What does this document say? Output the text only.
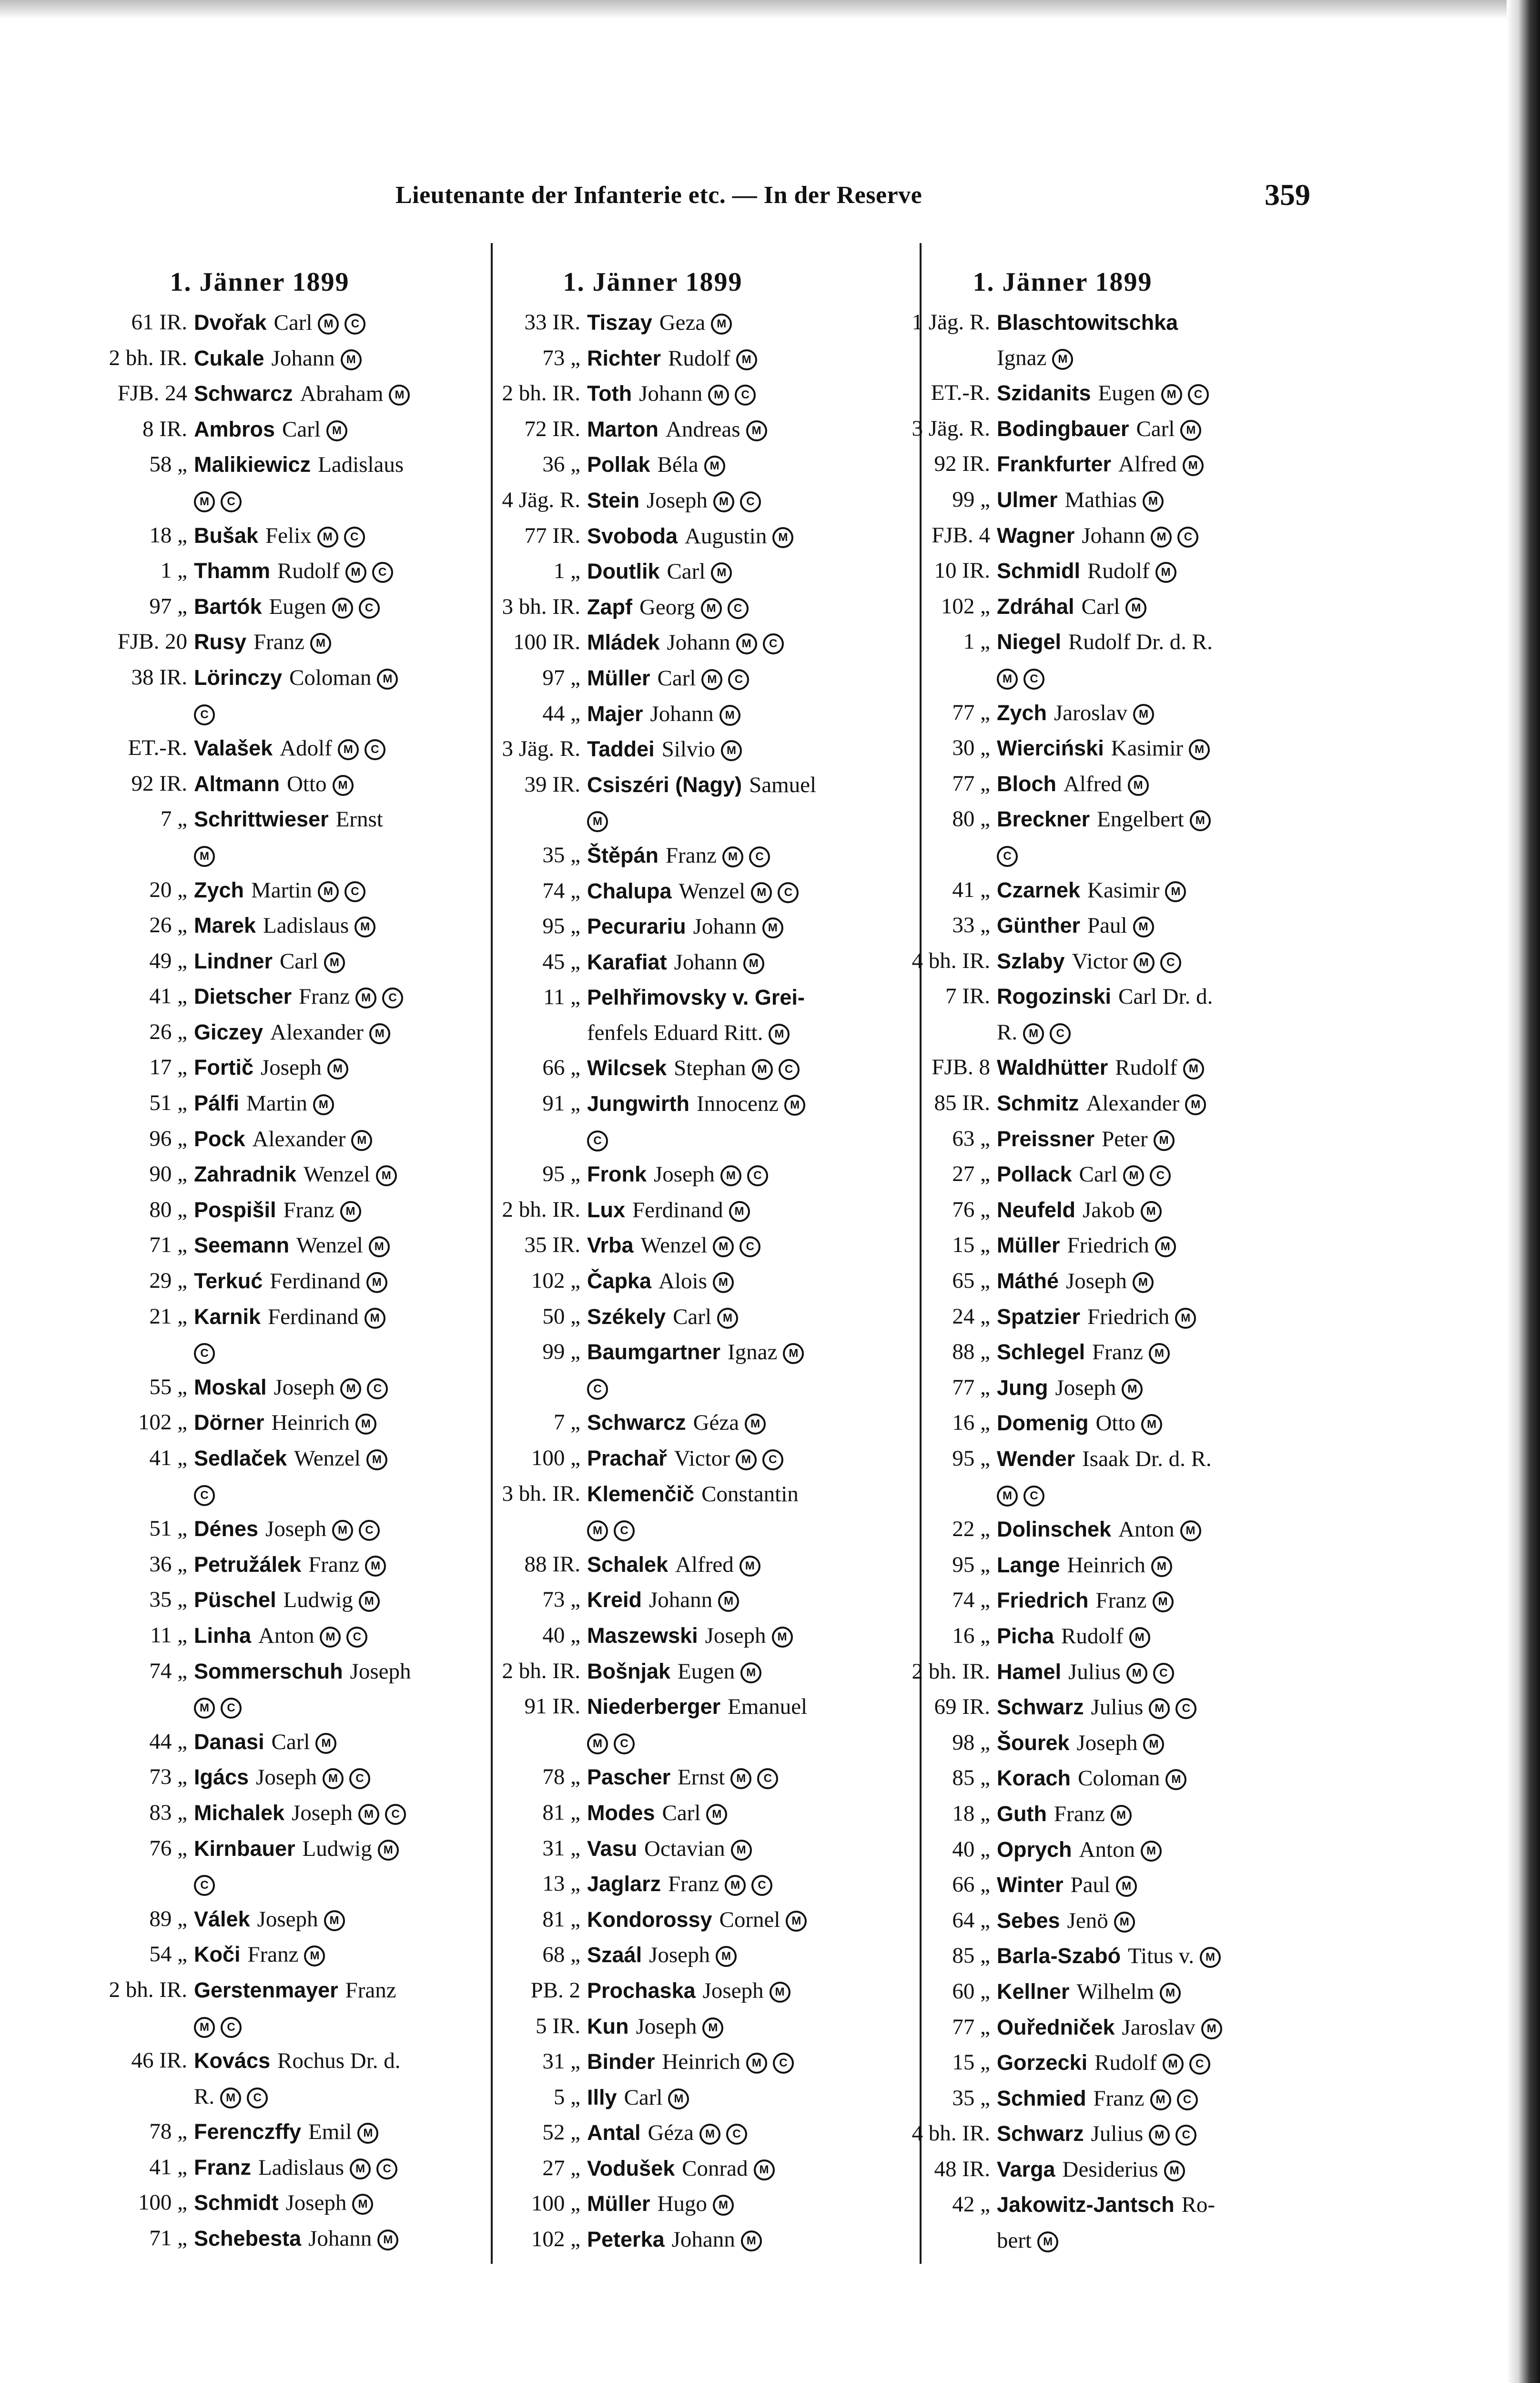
Lieutenante der Infanterie etc. — In der Reserve	359
1. Jänner 1899
61 IR. Dvořak Carl M C
2 bh. IR. Cukale Johann M
FJB. 24 Schwarcz Abraham M
8 IR. Ambros Carl M
58 „ Malikiewicz Ladislaus
M C
18 „ Bušak Felix M C
1 „ Thamm Rudolf M C
97 „ Bartók Eugen M C
FJB. 20 Rusy Franz M
38 IR. Lörinczy Coloman M
C
ET.-R. Valašek Adolf M C
92 IR. Altmann Otto M
7 „ Schrittwieser Ernst
M
20 „ Zych Martin M C
26 „ Marek Ladislaus M
49 „ Lindner Carl M
41 „ Dietscher Franz M C
26 „ Giczey Alexander M
17 „ Fortič Joseph M
51 „ Pálfi Martin M
96 „ Pock Alexander M
90 „ Zahradnik Wenzel M
80 „ Pospišil Franz M
71 „ Seemann Wenzel M
29 „ Terkuć Ferdinand M
21 „ Karnik Ferdinand M
C
55 „ Moskal Joseph M C
102 „ Dörner Heinrich M
41 „ Sedlaček Wenzel M
C
51 „ Dénes Joseph M C
36 „ Petružálek Franz M
35 „ Püschel Ludwig M
11 „ Linha Anton M C
74 „ Sommerschuh Joseph
M C
44 „ Danasi Carl M
73 „ Igács Joseph M C
83 „ Michalek Joseph M C
76 „ Kirnbauer Ludwig M
C
89 „ Válek Joseph M
54 „ Koči Franz M
2 bh. IR. Gerstenmayer Franz
M C
46 IR. Kovács Rochus Dr. d.
R. M C
78 „ Ferenczffy Emil M
41 „ Franz Ladislaus M C
100 „ Schmidt Joseph M
71 „ Schebesta Johann M
1. Jänner 1899
33 IR. Tiszay Geza M
73 „ Richter Rudolf M
2 bh. IR. Toth Johann M C
72 IR. Marton Andreas M
36 „ Pollak Béla M
4 Jäg. R. Stein Joseph M C
77 IR. Svoboda Augustin M
1 „ Doutlik Carl M
3 bh. IR. Zapf Georg M C
100 IR. Mládek Johann M C
97 „ Müller Carl M C
44 „ Majer Johann M
3 Jäg. R. Taddei Silvio M
39 IR. Csiszéri (Nagy) Samuel
M
35 „ Štěpán Franz M C
74 „ Chalupa Wenzel M C
95 „ Pecurariu Johann M
45 „ Karafiat Johann M
11 „ Pelhřimovsky v. Grei-
fenfels Eduard Ritt. M
66 „ Wilcsek Stephan M C
91 „ Jungwirth Innocenz M
C
95 „ Fronk Joseph M C
2 bh. IR. Lux Ferdinand M
35 IR. Vrba Wenzel M C
102 „ Čapka Alois M
50 „ Székely Carl M
99 „ Baumgartner Ignaz M
C
7 „ Schwarcz Géza M
100 „ Prachař Victor M C
3 bh. IR. Klemenčič Constantin
M C
88 IR. Schalek Alfred M
73 „ Kreid Johann M
40 „ Maszewski Joseph M
2 bh. IR. Bošnjak Eugen M
91 IR. Niederberger Emanuel
M C
78 „ Pascher Ernst M C
81 „ Modes Carl M
31 „ Vasu Octavian M
13 „ Jaglarz Franz M C
81 „ Kondorossy Cornel M
68 „ Szaál Joseph M
PB. 2 Prochaska Joseph M
5 IR. Kun Joseph M
31 „ Binder Heinrich M C
5 „ Illy Carl M
52 „ Antal Géza M C
27 „ Vodušek Conrad M
100 „ Müller Hugo M
102 „ Peterka Johann M
1. Jänner 1899
1 Jäg. R. Blaschtowitschka
Ignaz M
ET.-R. Szidanits Eugen M C
3 Jäg. R. Bodingbauer Carl M
92 IR. Frankfurter Alfred M
99 „ Ulmer Mathias M
FJB. 4 Wagner Johann M C
10 IR. Schmidl Rudolf M
102 „ Zdráhal Carl M
1 „ Niegel Rudolf Dr. d. R.
M C
77 „ Zych Jaroslav M
30 „ Wierciński Kasimir M
77 „ Bloch Alfred M
80 „ Breckner Engelbert M
C
41 „ Czarnek Kasimir M
33 „ Günther Paul M
4 bh. IR. Szlaby Victor M C
7 IR. Rogozinski Carl Dr. d.
R. M C
FJB. 8 Waldhütter Rudolf M
85 IR. Schmitz Alexander M
63 „ Preissner Peter M
27 „ Pollack Carl M C
76 „ Neufeld Jakob M
15 „ Müller Friedrich M
65 „ Máthé Joseph M
24 „ Spatzier Friedrich M
88 „ Schlegel Franz M
77 „ Jung Joseph M
16 „ Domenig Otto M
95 „ Wender Isaak Dr. d. R.
M C
22 „ Dolinschek Anton M
95 „ Lange Heinrich M
74 „ Friedrich Franz M
16 „ Picha Rudolf M
2 bh. IR. Hamel Julius M C
69 IR. Schwarz Julius M C
98 „ Šourek Joseph M
85 „ Korach Coloman M
18 „ Guth Franz M
40 „ Oprych Anton M
66 „ Winter Paul M
64 „ Sebes Jenö M
85 „ Barla-Szabó Titus v. M
60 „ Kellner Wilhelm M
77 „ Ouředniček Jaroslav M
15 „ Gorzecki Rudolf M C
35 „ Schmied Franz M C
4 bh. IR. Schwarz Julius M C
48 IR. Varga Desiderius M
42 „ Jakowitz-Jantsch Ro-
bert M
